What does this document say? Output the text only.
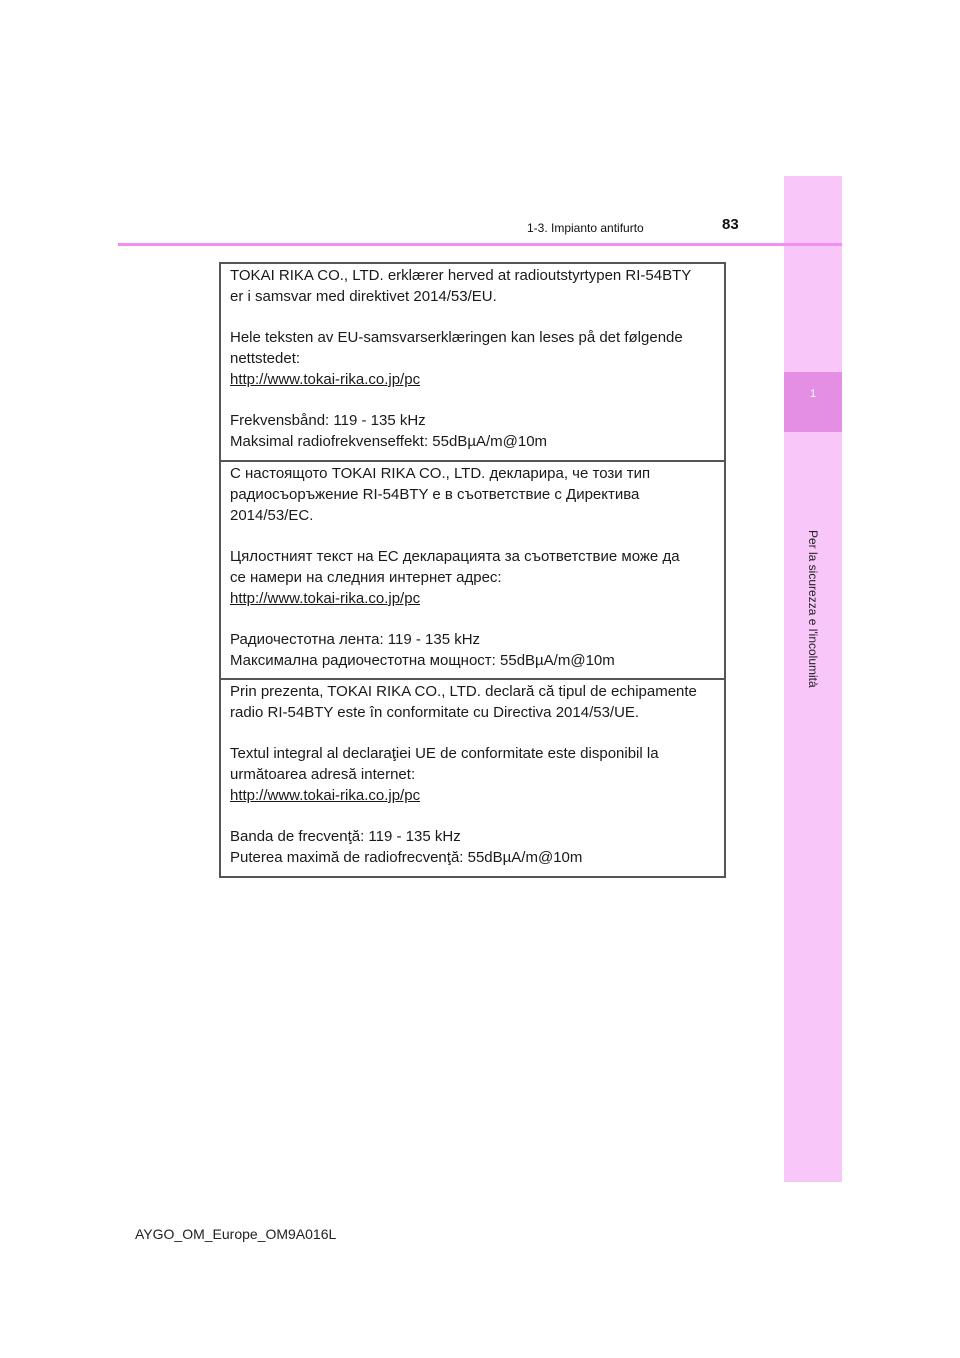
1
Per la sicurezza e l'incolumità
1-3. Impianto antifurto	83

TOKAI RIKA CO., LTD. erklærer herved at radioutstyrtypen RI-54BTY

er i samsvar med direktivet 2014/53/EU.

Hele teksten av EU-samsvarserklæringen kan leses på det følgende

nettstedet:

http://www.tokai-rika.co.jp/pc

Frekvensbånd: 119 - 135 kHz

Maksimal radiofrekvenseffekt: 55dBµA/m@10m

С настоящото TOKAI RIKA CO., LTD. декларира, че този тип

радиосъоръжение RI-54BTY е в съответствие с Директива

2014/53/ЕС.

Цялостният текст на ЕС декларацията за съответствие може да

се намери на следния интернет адрес:

http://www.tokai-rika.co.jp/pc

Радиочестотна лента: 119 - 135 kHz

Максимална радиочестотна мощност: 55dBµA/m@10m

Prin prezenta, TOKAI RIKA CO., LTD. declară că tipul de echipamente

radio RI-54BTY este în conformitate cu Directiva 2014/53/UE.

Textul integral al declaraţiei UE de conformitate este disponibil la

următoarea adresă internet:

http://www.tokai-rika.co.jp/pc

Banda de frecvenţă: 119 - 135 kHz

Puterea maximă de radiofrecvenţă: 55dBµA/m@10m

AYGO_OM_Europe_OM9A016L
